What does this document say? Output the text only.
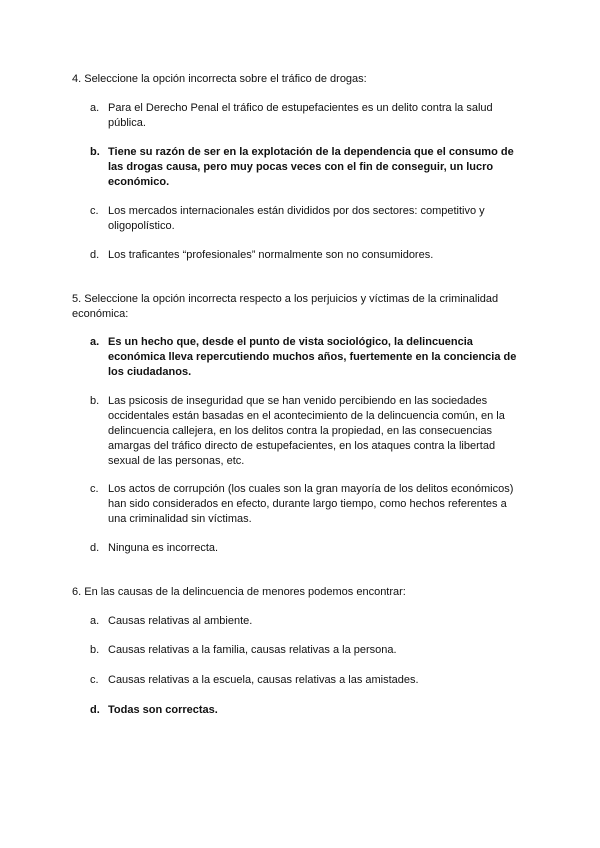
4. Seleccione la opción incorrecta sobre el tráfico de drogas:

a. Para el Derecho Penal el tráfico de estupefacientes es un delito contra la salud pública.
b. Tiene su razón de ser en la explotación de la dependencia que el consumo de las drogas causa, pero muy pocas veces con el fin de conseguir, un lucro económico.
c. Los mercados internacionales están divididos por dos sectores: competitivo y oligopolístico.
d. Los traficantes “profesionales” normalmente son no consumidores.

5. Seleccione la opción incorrecta respecto a los perjuicios y víctimas de la criminalidad económica:

a. Es un hecho que, desde el punto de vista sociológico, la delincuencia económica lleva repercutiendo muchos años, fuertemente en la conciencia de los ciudadanos.
b. Las psicosis de inseguridad que se han venido percibiendo en las sociedades occidentales están basadas en el acontecimiento de la delincuencia común, en la delincuencia callejera, en los delitos contra la propiedad, en las consecuencias amargas del tráfico directo de estupefacientes, en los ataques contra la libertad sexual de las personas, etc.
c. Los actos de corrupción (los cuales son la gran mayoría de los delitos económicos) han sido considerados en efecto, durante largo tiempo, como hechos referentes a una criminalidad sin víctimas.
d. Ninguna es incorrecta.

6. En las causas de la delincuencia de menores podemos encontrar:

a. Causas relativas al ambiente.
b. Causas relativas a la familia, causas relativas a la persona.
c. Causas relativas a la escuela, causas relativas a las amistades.
d. Todas son correctas.
